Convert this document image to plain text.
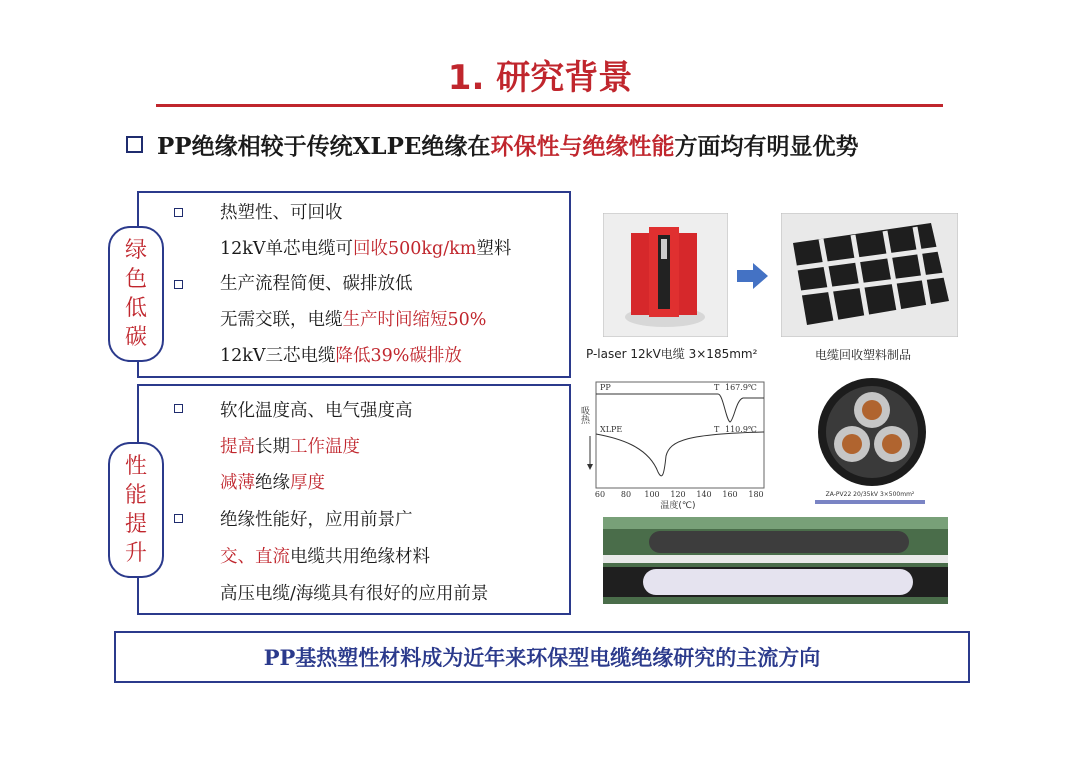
1. 研究背景
PP绝缘相较于传统XLPE绝缘在环保性与绝缘性能方面均有明显优势
绿
色
低
碳
热塑性、可回收
12kV单芯电缆可回收500kg/km塑料
生产流程简便、碳排放低
无需交联，电缆生产时间缩短50%
12kV三芯电缆降低39%碳排放
性
能
提
升
软化温度高、电气强度高
提高长期工作温度
减薄绝缘厚度
绝缘性能好，应用前景广
交、直流电缆共用绝缘材料
高压电缆/海缆具有很好的应用前景
P-laser 12kV电缆 3×185mm²	电缆回收塑料制品
吸热
PP	T 167.9℃
XLPE	T 110.9℃
60 80 100 120 140 160 180
温度(℃)
ZA-PV22 20/35kV 3×500mm²
PP基热塑性材料成为近年来环保型电缆绝缘研究的主流方向
